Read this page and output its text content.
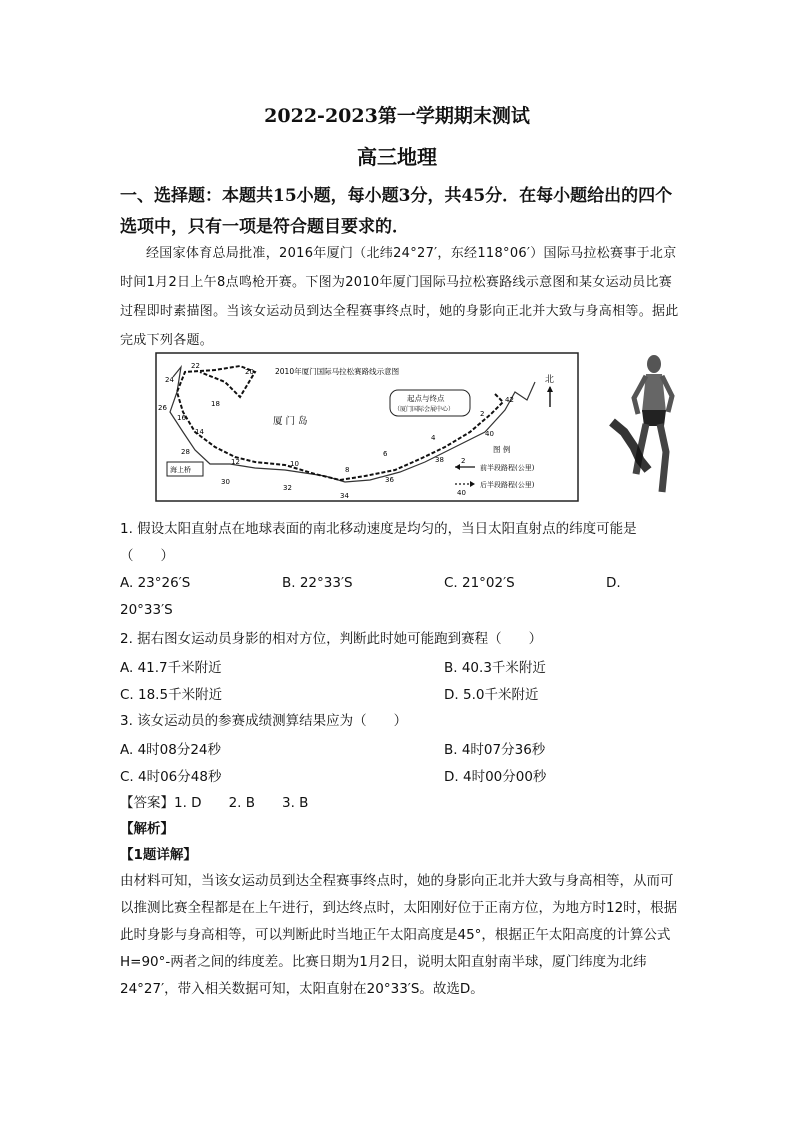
2022-2023第一学期期末测试
高三地理
一、选择题：本题共15小题，每小题3分，共45分．在每小题给出的四个选项中，只有一项是符合题目要求的．
经国家体育总局批准，2016年厦门（北纬24°27′，东经118°06′）国际马拉松赛事于北京时间1月2日上午8点鸣枪开赛。下图为2010年厦门国际马拉松赛路线示意图和某女运动员比赛过程即时素描图。当该女运动员到达全程赛事终点时，她的身影向正北并大致与身高相等。据此完成下列各题。
2010年厦门国际马拉松赛路线示意图
厦 门 岛
起点与终点
（厦门国际会展中心）
海上桥
北
图 例
2
前半段路程(公里)
40
后半段路程(公里)
42
2
40
4
38
6
36
8
34
10
32
12
30
14
28
16
26	18
24
20
22
1. 假设太阳直射点在地球表面的南北移动速度是均匀的，当日太阳直射点的纬度可能是
（　　）
A. 23°26′S	B. 22°33′S	C. 21°02′S	D.
20°33′S
2. 据右图女运动员身影的相对方位，判断此时她可能跑到赛程（　　）
A. 41.7千米附近	B. 40.3千米附近
C. 18.5千米附近	D. 5.0千米附近
3. 该女运动员的参赛成绩测算结果应为（　　）
A. 4时08分24秒	B. 4时07分36秒
C. 4时06分48秒	D. 4时00分00秒
【答案】1. D　　2. B　　3. B
【解析】
【1题详解】
由材料可知，当该女运动员到达全程赛事终点时，她的身影向正北并大致与身高相等，从而可以推测比赛全程都是在上午进行，到达终点时，太阳刚好位于正南方位，为地方时12时，根据此时身影与身高相等，可以判断此时当地正午太阳高度是45°，根据正午太阳高度的计算公式H=90°-两者之间的纬度差。比赛日期为1月2日，说明太阳直射南半球，厦门纬度为北纬24°27′，带入相关数据可知，太阳直射在20°33′S。故选D。
